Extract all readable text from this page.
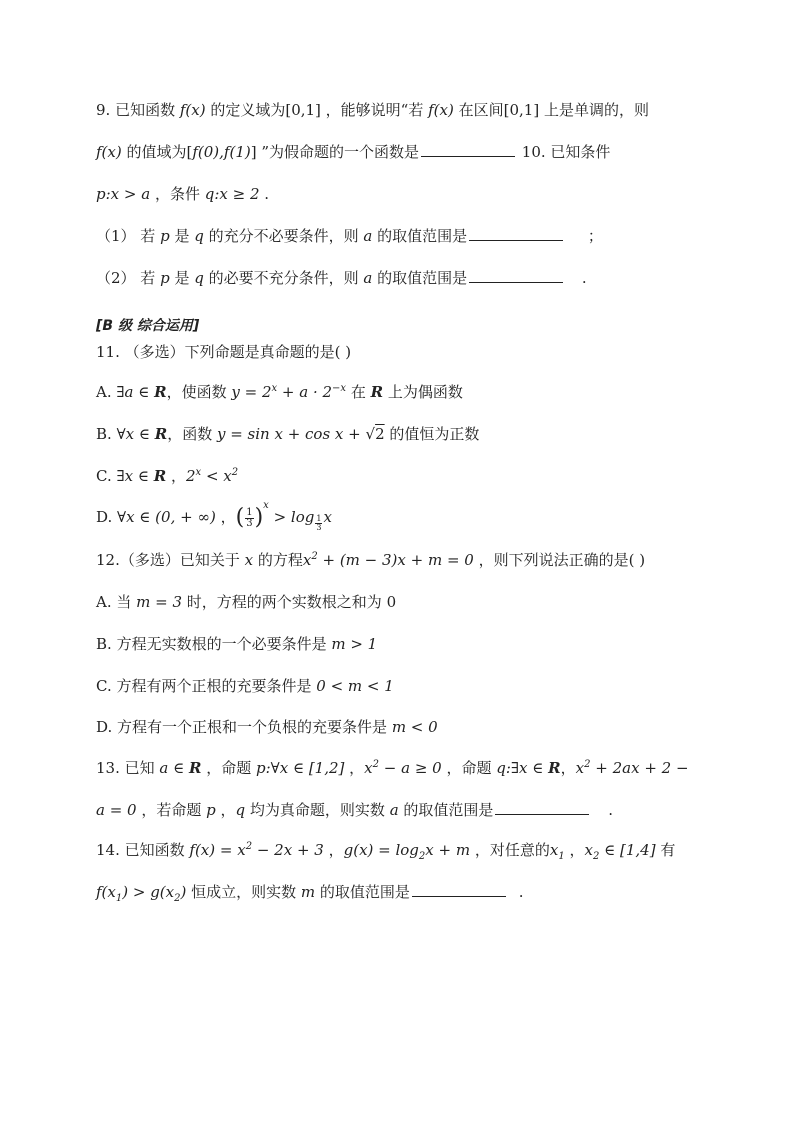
9. 已知函数 f(x) 的定义域为[0,1] ，能够说明“若 f(x) 在区间[0,1] 上是单调的，则
f(x) 的值域为[f(0),f(1)] ”为假命题的一个函数是	10. 已知条件
p:x > a ，条件 q:x ≥ 2 .
（1） 若 p 是 q 的充分不必要条件，则 a 的取值范围是	；
（2） 若 p 是 q 的必要不充分条件，则 a 的取值范围是	.
[B 级 综合运用]
11. （多选）下列命题是真命题的是( )
A. ∃a ∈ R，使函数 $y = 2^x + a \cdot 2^{-x}$ 在 R 上为偶函数
B. ∀x ∈ R，函数 y = sin x + cos x + √2 的值恒为正数
C. ∃x ∈ R ，$2^x < x^2$
D. ∀x ∈ (0, + ∞) ，( $\frac{1}{3} )^x > \log \frac{1}{3}$ x
12.（多选）已知关于 x 的方程$x^2 + (m - 3)x + m = 0$ ，则下列说法正确的是( )
A. 当 m = 3 时，方程的两个实数根之和为 0
B. 方程无实数根的一个必要条件是 m > 1
C. 方程有两个正根的充要条件是 0 < m < 1
D. 方程有一个正根和一个负根的充要条件是 m < 0
13. 已知 a ∈ R ，命题 p:∀x ∈ [1,2] ，$x^2 - a \ge 0$ ，命题 q:∃x ∈ R，$x^2 + 2ax + 2$ −
a = 0 ，若命题 p ，q 均为真命题，则实数 a 的取值范围是	.
14. 已知函数 $f(x) = x^2 - 2x + 3$ ，$g(x) = \log_2x + m$ ，对任意的$x_1$ ，$x_2$ ∈ [1,4] 有
$f(x_1) > g(x_2)$ 恒成立，则实数 m 的取值范围是	.
